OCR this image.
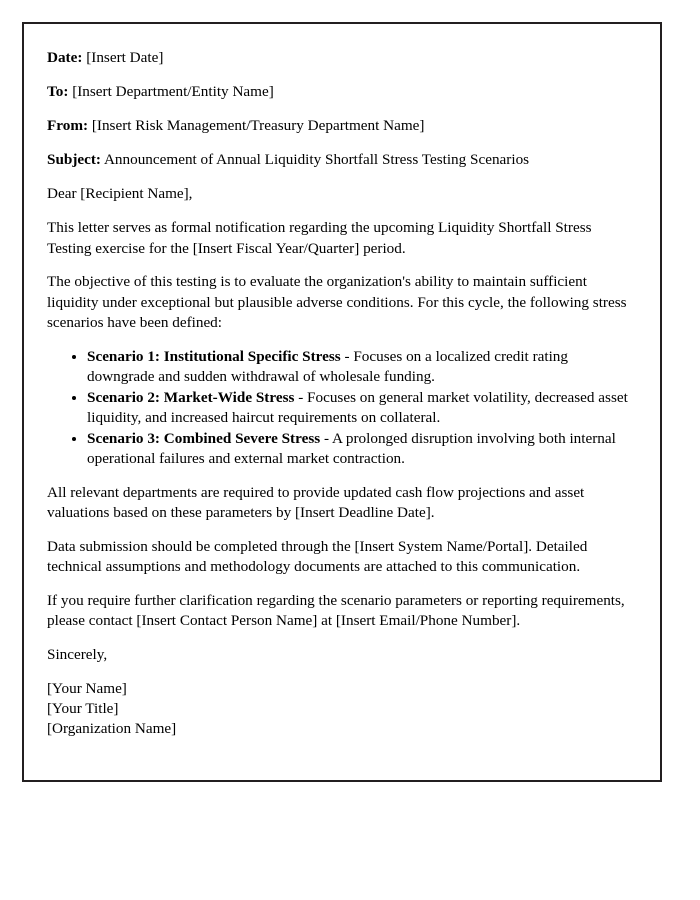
Date: [Insert Date]

To: [Insert Department/Entity Name]

From: [Insert Risk Management/Treasury Department Name]

Subject: Announcement of Annual Liquidity Shortfall Stress Testing Scenarios

Dear [Recipient Name],

This letter serves as formal notification regarding the upcoming Liquidity Shortfall Stress Testing exercise for the [Insert Fiscal Year/Quarter] period.

The objective of this testing is to evaluate the organization's ability to maintain sufficient liquidity under exceptional but plausible adverse conditions. For this cycle, the following stress scenarios have been defined:

• Scenario 1: Institutional Specific Stress - Focuses on a localized credit rating downgrade and sudden withdrawal of wholesale funding.
• Scenario 2: Market-Wide Stress - Focuses on general market volatility, decreased asset liquidity, and increased haircut requirements on collateral.
• Scenario 3: Combined Severe Stress - A prolonged disruption involving both internal operational failures and external market contraction.

All relevant departments are required to provide updated cash flow projections and asset valuations based on these parameters by [Insert Deadline Date].

Data submission should be completed through the [Insert System Name/Portal]. Detailed technical assumptions and methodology documents are attached to this communication.

If you require further clarification regarding the scenario parameters or reporting requirements, please contact [Insert Contact Person Name] at [Insert Email/Phone Number].

Sincerely,

[Your Name]
[Your Title]
[Organization Name]
